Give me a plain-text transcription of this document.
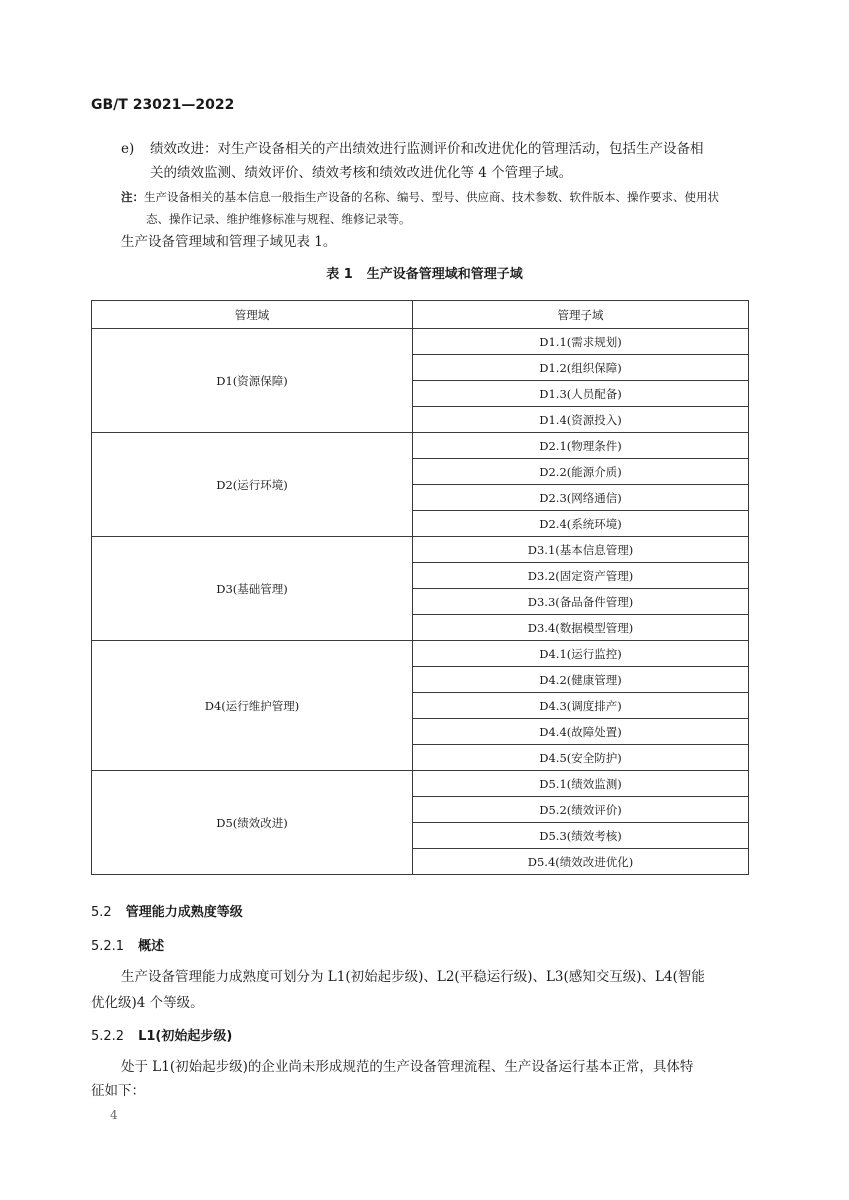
GB/T 23021—2022
e) 绩效改进：对生产设备相关的产出绩效进行监测评价和改进优化的管理活动，包括生产设备相
关的绩效监测、绩效评价、绩效考核和绩效改进优化等 4 个管理子域。
注：生产设备相关的基本信息一般指生产设备的名称、编号、型号、供应商、技术参数、软件版本、操作要求、使用状
态、操作记录、维护维修标准与规程、维修记录等。
生产设备管理域和管理子域见表 1。
表 1 生产设备管理域和管理子域
管理域	管理子域
D1(资源保障)	D1.1(需求规划)
	D1.2(组织保障)
	D1.3(人员配备)
	D1.4(资源投入)
D2(运行环境)	D2.1(物理条件)
	D2.2(能源介质)
	D2.3(网络通信)
	D2.4(系统环境)
D3(基础管理)	D3.1(基本信息管理)
	D3.2(固定资产管理)
	D3.3(备品备件管理)
	D3.4(数据模型管理)
D4(运行维护管理)	D4.1(运行监控)
	D4.2(健康管理)
	D4.3(调度排产)
	D4.4(故障处置)
	D4.5(安全防护)
D5(绩效改进)	D5.1(绩效监测)
	D5.2(绩效评价)
	D5.3(绩效考核)
	D5.4(绩效改进优化)
5.2 管理能力成熟度等级
5.2.1 概述
生产设备管理能力成熟度可划分为 L1(初始起步级)、L2(平稳运行级)、L3(感知交互级)、L4(智能
优化级)4 个等级。
5.2.2 L1(初始起步级)
处于 L1(初始起步级)的企业尚未形成规范的生产设备管理流程、生产设备运行基本正常，具体特
征如下：
4
